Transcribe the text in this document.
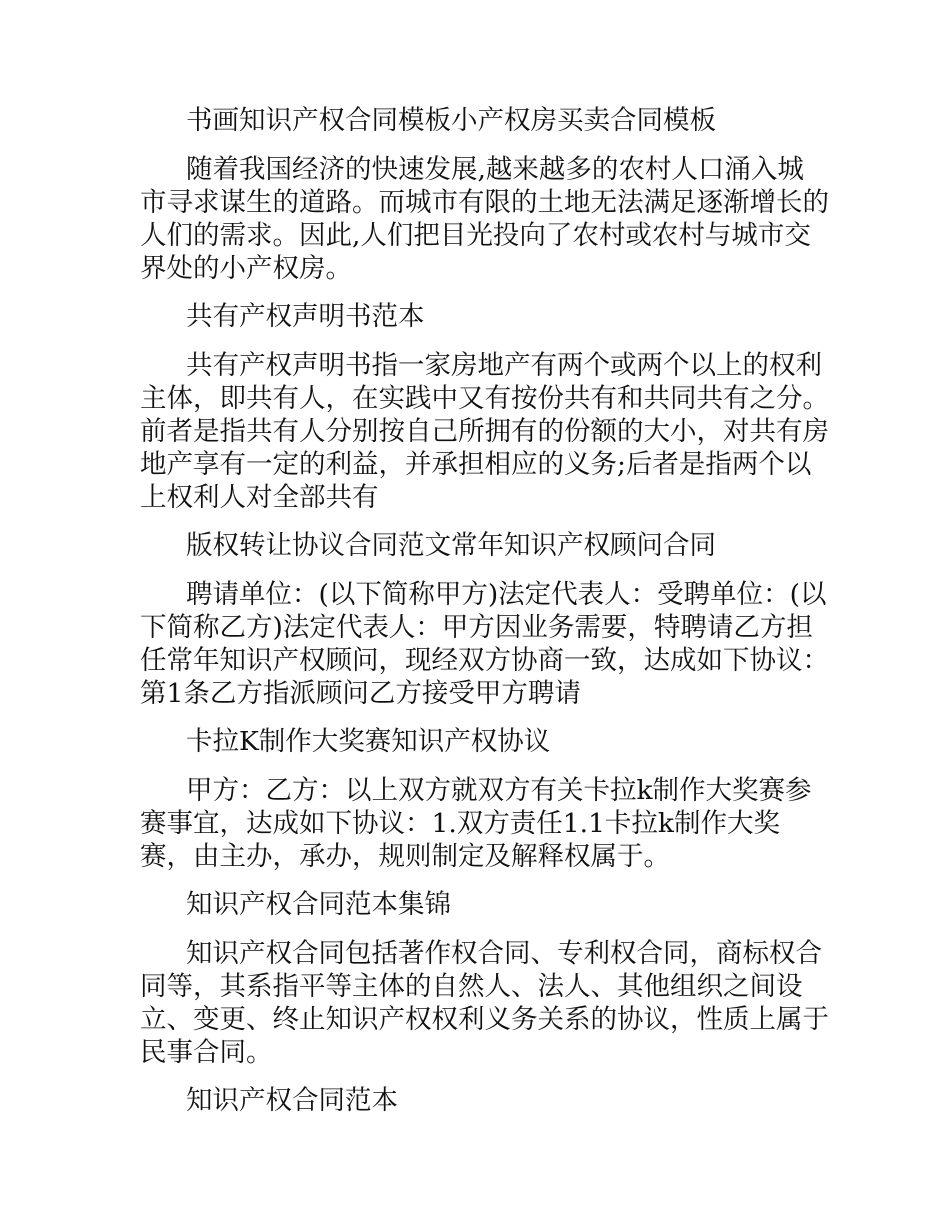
书画知识产权合同模板小产权房买卖合同模板

随着我国经济的快速发展,越来越多的农村人口涌入城市寻求谋生的道路。而城市有限的土地无法满足逐渐增长的人们的需求。因此,人们把目光投向了农村或农村与城市交界处的小产权房。

共有产权声明书范本

共有产权声明书指一家房地产有两个或两个以上的权利主体，即共有人，在实践中又有按份共有和共同共有之分。前者是指共有人分别按自己所拥有的份额的大小，对共有房地产享有一定的利益，并承担相应的义务;后者是指两个以上权利人对全部共有

版权转让协议合同范文常年知识产权顾问合同

聘请单位：(以下简称甲方)法定代表人：受聘单位：(以下简称乙方)法定代表人：甲方因业务需要，特聘请乙方担任常年知识产权顾问，现经双方协商一致，达成如下协议：第1条乙方指派顾问乙方接受甲方聘请

卡拉K制作大奖赛知识产权协议

甲方：乙方：以上双方就双方有关卡拉k制作大奖赛参赛事宜，达成如下协议：1.双方责任1.1卡拉k制作大奖赛，由主办，承办，规则制定及解释权属于。

知识产权合同范本集锦

知识产权合同包括著作权合同、专利权合同，商标权合同等，其系指平等主体的自然人、法人、其他组织之间设立、变更、终止知识产权权利义务关系的协议，性质上属于民事合同。

知识产权合同范本
